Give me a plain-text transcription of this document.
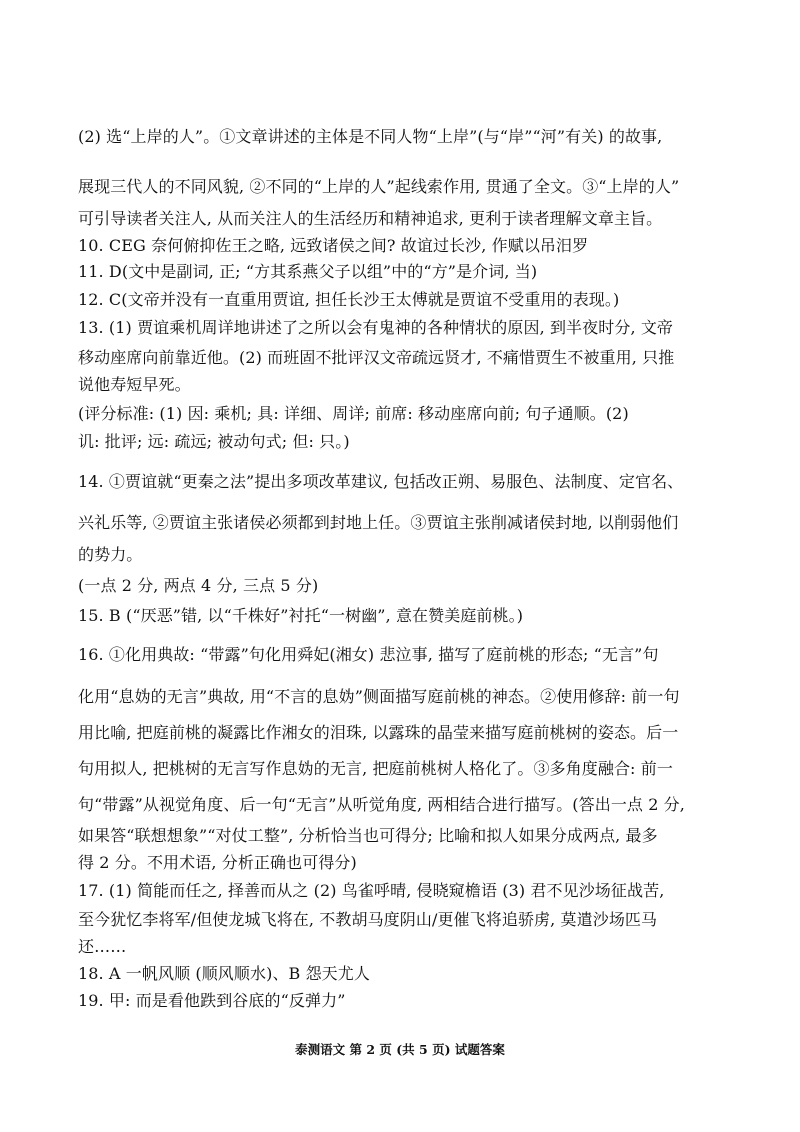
(2) 选“上岸的人”。①文章讲述的主体是不同人物“上岸”(与“岸”“河”有关) 的故事,
展现三代人的不同风貌, ②不同的“上岸的人”起线索作用, 贯通了全文。③“上岸的人”
可引导读者关注人, 从而关注人的生活经历和精神追求, 更利于读者理解文章主旨。
10. CEG 奈何俯抑佐王之略, 远致诸侯之间? 故谊过长沙, 作赋以吊汨罗
11. D(文中是副词, 正; “方其系燕父子以组”中的“方”是介词, 当)
12. C(文帝并没有一直重用贾谊, 担任长沙王太傅就是贾谊不受重用的表现。)
13. (1) 贾谊乘机周详地讲述了之所以会有鬼神的各种情状的原因, 到半夜时分, 文帝
移动座席向前靠近他。(2) 而班固不批评汉文帝疏远贤才, 不痛惜贾生不被重用, 只推
说他寿短早死。
(评分标准: (1) 因: 乘机; 具: 详细、周详; 前席: 移动座席向前; 句子通顺。(2)
讥: 批评; 远: 疏远; 被动句式; 但: 只。)
14. ①贾谊就“更秦之法”提出多项改革建议, 包括改正朔、易服色、法制度、定官名、
兴礼乐等, ②贾谊主张诸侯必须都到封地上任。③贾谊主张削减诸侯封地, 以削弱他们
的势力。
(一点 2 分, 两点 4 分, 三点 5 分)
15. B (“厌恶”错, 以“千株好”衬托“一树幽”, 意在赞美庭前桃。)
16. ①化用典故: “带露”句化用舜妃(湘女) 悲泣事, 描写了庭前桃的形态; “无言”句
化用“息妫的无言”典故, 用“不言的息妫”侧面描写庭前桃的神态。②使用修辞: 前一句
用比喻, 把庭前桃的凝露比作湘女的泪珠, 以露珠的晶莹来描写庭前桃树的姿态。后一
句用拟人, 把桃树的无言写作息妫的无言, 把庭前桃树人格化了。③多角度融合: 前一
句“带露”从视觉角度、后一句“无言”从听觉角度, 两相结合进行描写。(答出一点 2 分,
如果答“联想想象”“对仗工整”, 分析恰当也可得分; 比喻和拟人如果分成两点, 最多
得 2 分。不用术语, 分析正确也可得分)
17. (1) 简能而任之, 择善而从之 (2) 鸟雀呼晴, 侵晓窥檐语 (3) 君不见沙场征战苦,
至今犹忆李将军/但使龙城飞将在, 不教胡马度阴山/更催飞将追骄虏, 莫遣沙场匹马
还……
18. A 一帆风顺 (顺风顺水)、B 怨天尤人
19. 甲: 而是看他跌到谷底的“反弹力”
泰测语文 第 2 页 (共 5 页) 试题答案
